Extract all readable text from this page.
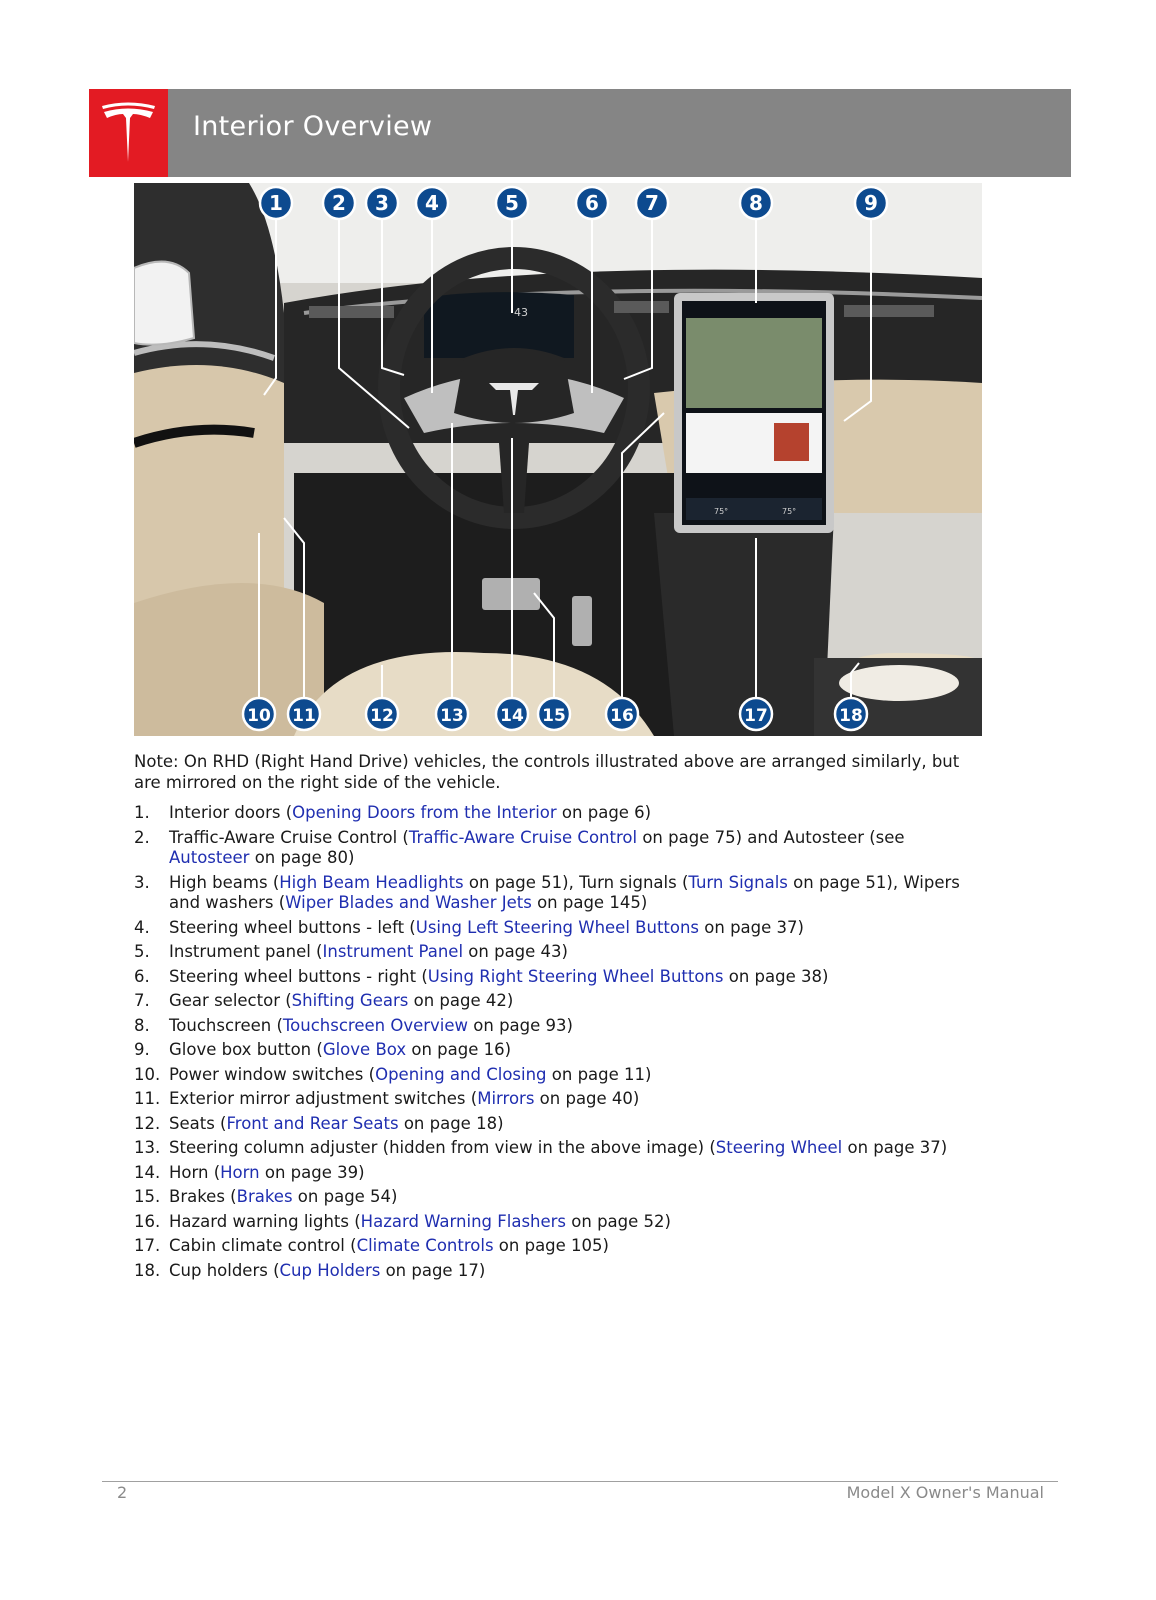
Interior Overview
43
75°	75°
1 2 3 4	5	6 7	8	9
10 11	12	13 14 15	16	17	18
Note: On RHD (Right Hand Drive) vehicles, the controls illustrated above are arranged similarly, but are mirrored on the right side of the vehicle.
1. Interior doors (Opening Doors from the Interior on page 6)
2. Traffic-Aware Cruise Control (Traffic-Aware Cruise Control on page 75) and Autosteer (see Autosteer on page 80)
3. High beams (High Beam Headlights on page 51), Turn signals (Turn Signals on page 51), Wipers and washers (Wiper Blades and Washer Jets on page 145)
4. Steering wheel buttons - left (Using Left Steering Wheel Buttons on page 37)
5. Instrument panel (Instrument Panel on page 43)
6. Steering wheel buttons - right (Using Right Steering Wheel Buttons on page 38)
7. Gear selector (Shifting Gears on page 42)
8. Touchscreen (Touchscreen Overview on page 93)
9. Glove box button (Glove Box on page 16)
10. Power window switches (Opening and Closing on page 11)
11. Exterior mirror adjustment switches (Mirrors on page 40)
12. Seats (Front and Rear Seats on page 18)
13. Steering column adjuster (hidden from view in the above image) (Steering Wheel on page 37)
14. Horn (Horn on page 39)
15. Brakes (Brakes on page 54)
16. Hazard warning lights (Hazard Warning Flashers on page 52)
17. Cabin climate control (Climate Controls on page 105)
18. Cup holders (Cup Holders on page 17)
2	Model X Owner's Manual
